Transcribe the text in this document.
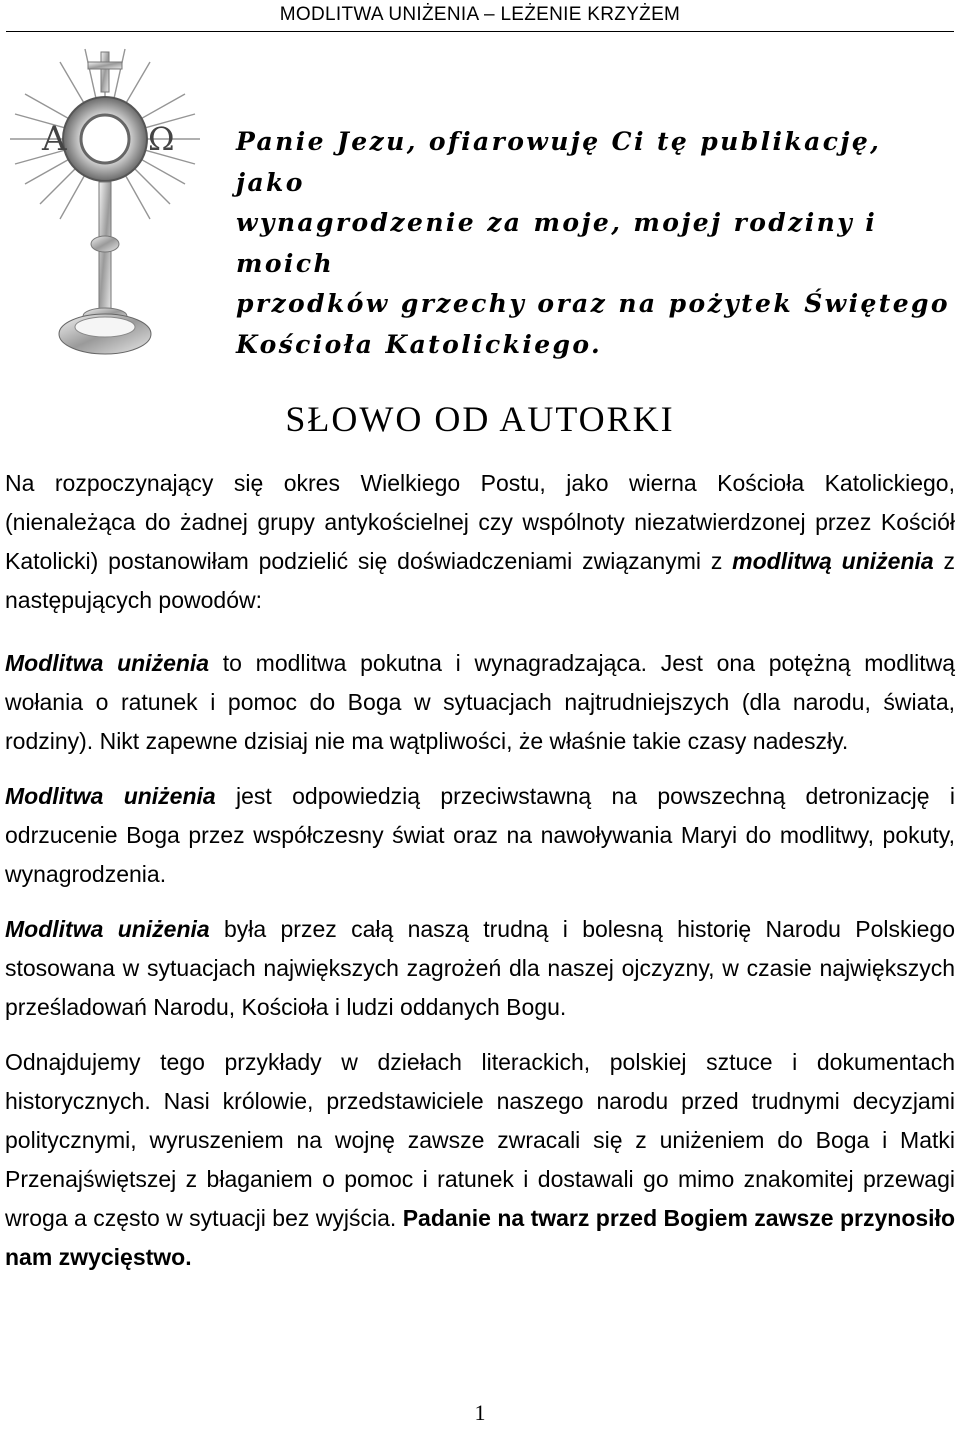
MODLITWA UNIŻENIA – LEŻENIE KRZYŻEM
A	Ω Panie Jezu, ofiarowuję Ci tę publikację, jako
wynagrodzenie za moje, mojej rodziny i moich
przodków grzechy oraz na pożytek Świętego
Kościoła Katolickiego.
SŁOWO OD AUTORKI

Na rozpoczynający się okres Wielkiego Postu, jako wierna Kościoła Katolickiego, (nienależąca do żadnej grupy antykościelnej czy wspólnoty niezatwierdzonej przez Kościół Katolicki) postanowiłam podzielić się doświadczeniami związanymi z modlitwą uniżenia z następujących powodów:

Modlitwa uniżenia to modlitwa pokutna i wynagradzająca. Jest ona potężną modlitwą wołania o ratunek i pomoc do Boga w sytuacjach najtrudniejszych (dla narodu, świata, rodziny). Nikt zapewne dzisiaj nie ma wątpliwości, że właśnie takie czasy nadeszły.

Modlitwa uniżenia jest odpowiedzią przeciwstawną na powszechną detronizację i odrzucenie Boga przez współczesny świat oraz na nawoływania Maryi do modlitwy, pokuty, wynagrodzenia.

Modlitwa uniżenia była przez całą naszą trudną i bolesną historię Narodu Polskiego stosowana w sytuacjach największych zagrożeń dla naszej ojczyzny, w czasie największych prześladowań Narodu, Kościoła i ludzi oddanych Bogu.

Odnajdujemy tego przykłady w dziełach literackich, polskiej sztuce i dokumentach historycznych. Nasi królowie, przedstawiciele naszego narodu przed trudnymi decyzjami politycznymi, wyruszeniem na wojnę zawsze zwracali się z uniżeniem do Boga i Matki Przenajświętszej z błaganiem o pomoc i ratunek i dostawali go mimo znakomitej przewagi wroga a często w sytuacji bez wyjścia. Padanie na twarz przed Bogiem zawsze przynosiło nam zwycięstwo.

1
